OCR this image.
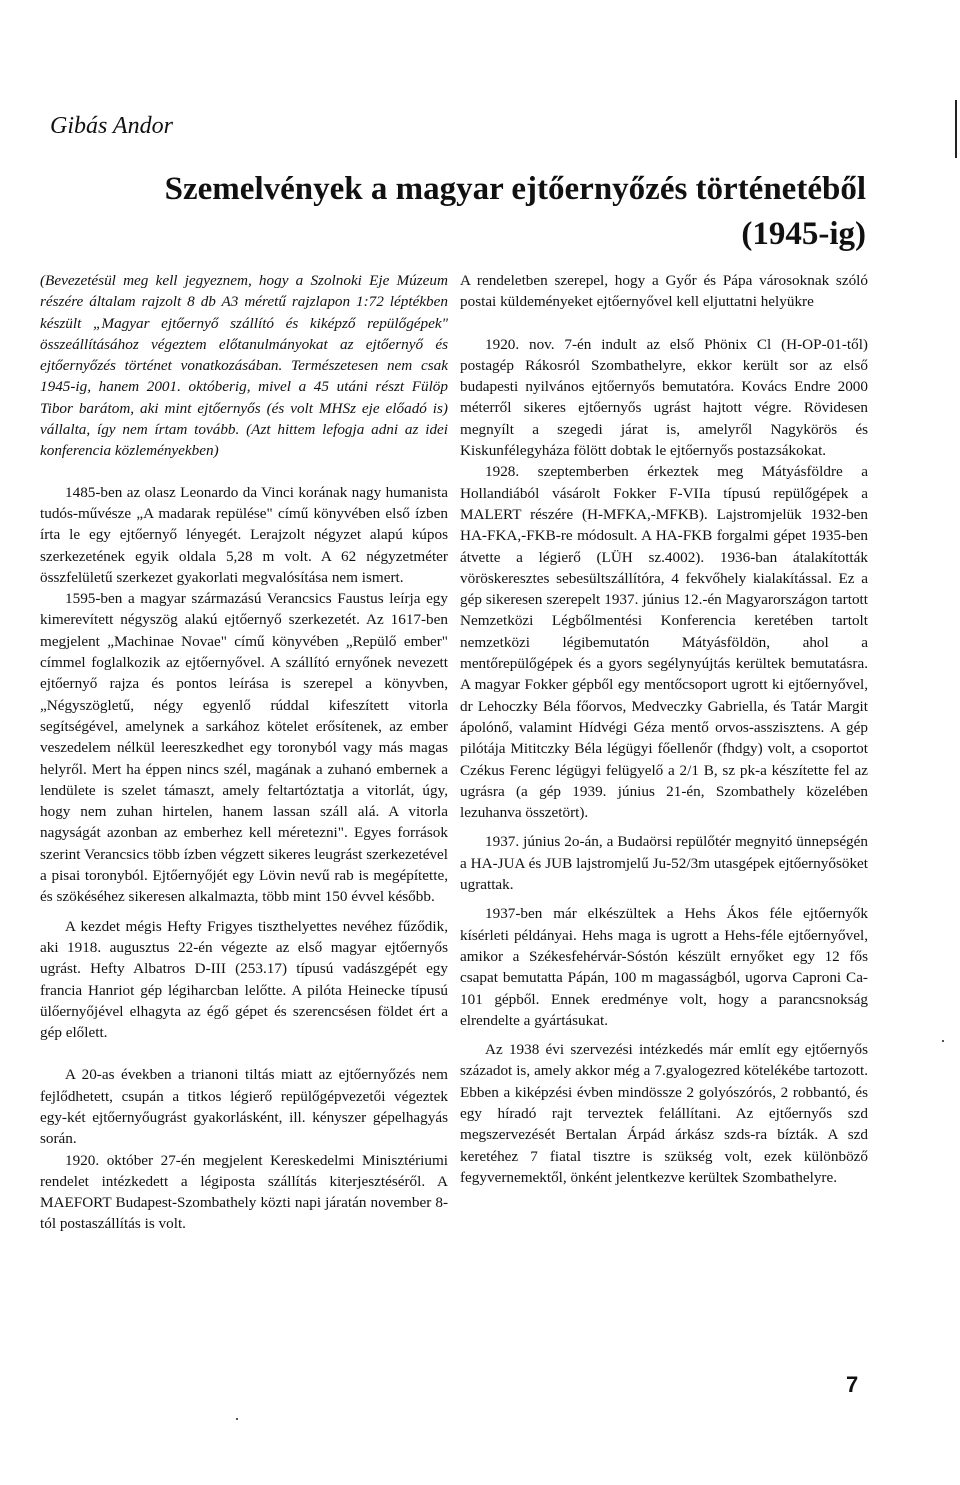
Gibás Andor
Szemelvények a magyar ejtőernyőzés történetéből
(1945-ig)

(Bevezetésül meg kell jegyeznem, hogy a Szolnoki Eje Múzeum részére általam rajzolt 8 db A3 méretű rajzlapon 1:72 léptékben készült „Magyar ejtőernyő szállító és kiképző repülőgépek" összeállításához végeztem előtanulmányokat az ejtőernyő és ejtőernyőzés történet vonatkozásában. Természetesen nem csak 1945-ig, hanem 2001. októberig, mivel a 45 utáni részt Fülöp Tibor barátom, aki mint ejtőernyős (és volt MHSz eje előadó is) vállalta, így nem írtam tovább. (Azt hittem lefogja adni az idei konferencia közleményekben)

1485-ben az olasz Leonardo da Vinci korának nagy humanista tudós-művésze „A madarak repülése" című könyvében első ízben írta le egy ejtőernyő lényegét. Lerajzolt négyzet alapú kúpos szerkezetének egyik oldala 5,28 m volt. A 62 négyzetméter összfelületű szerkezet gyakorlati megvalósítása nem ismert.

1595-ben a magyar származású Verancsics Faustus leírja egy kimerevített négyszög alakú ejtőernyő szerkezetét. Az 1617-ben megjelent „Machinae Novae" című könyvében „Repülő ember" címmel foglalkozik az ejtőernyővel. A szállító ernyőnek nevezett ejtőernyő rajza és pontos leírása is szerepel a könyvben, „Négyszögletű, négy egyenlő rúddal kifeszített vitorla segítségével, amelynek a sarkához kötelet erősítenek, az ember veszedelem nélkül leereszkedhet egy toronyból vagy más magas helyről. Mert ha éppen nincs szél, magának a zuhanó embernek a lendülete is szelet támaszt, amely feltartóztatja a vitorlát, úgy, hogy nem zuhan hirtelen, hanem lassan száll alá. A vitorla nagyságát azonban az emberhez kell méretezni". Egyes források szerint Verancsics több ízben végzett sikeres leugrást szerkezetével a pisai toronyból. Ejtőernyőjét egy Lövin nevű rab is megépítette, és szökéséhez sikeresen alkalmazta, több mint 150 évvel később.

A kezdet mégis Hefty Frigyes tiszthelyettes nevéhez fűződik, aki 1918. augusztus 22-én végezte az első magyar ejtőernyős ugrást. Hefty Albatros D-III (253.17) típusú vadászgépét egy francia Hanriot gép légiharcban lelőtte. A pilóta Heinecke típusú ülőernyőjével elhagyta az égő gépet és szerencsésen földet ért a gép előlett.

A 20-as években a trianoni tiltás miatt az ejtőernyőzés nem fejlődhetett, csupán a titkos légierő repülőgépvezetői végeztek egy-két ejtőernyőugrást gyakorlásként, ill. kényszer gépelhagyás során.

1920. október 27-én megjelent Kereskedelmi Minisztériumi rendelet intézkedett a légiposta szállítás kiterjesztéséről. A MAEFORT Budapest-Szombathely közti napi járatán november 8-tól postaszállítás is volt.

A rendeletben szerepel, hogy a Győr és Pápa városoknak szóló postai küldeményeket ejtőernyővel kell eljuttatni helyükre

1920. nov. 7-én indult az első Phönix Cl (H-OP-01-től) postagép Rákosról Szombathelyre, ekkor került sor az első budapesti nyilvános ejtőernyős bemutatóra. Kovács Endre 2000 méterről sikeres ejtőernyős ugrást hajtott végre. Rövidesen megnyílt a szegedi járat is, amelyről Nagykörös és Kiskunfélegyháza fölött dobtak le ejtőernyős postazsákokat.

1928. szeptemberben érkeztek meg Mátyásföldre a Hollandiából vásárolt Fokker F-VIIa típusú repülőgépek a MALERT részére (H-MFKA,-MFKB). Lajstromjelük 1932-ben HA-FKA,-FKB-re módosult. A HA-FKB forgalmi gépet 1935-ben átvette a légierő (LÜH sz.4002). 1936-ban átalakították vöröskeresztes sebesültszállítóra, 4 fekvőhely kialakítással. Ez a gép sikeresen szerepelt 1937. június 12.-én Magyarországon tartott Nemzetközi Légbőlmentési Konferencia keretében tartolt nemzetközi légibemutatón Mátyásföldön, ahol a mentőrepülőgépek és a gyors segélynyújtás kerültek bemutatásra. A magyar Fokker gépből egy mentőcsoport ugrott ki ejtőernyővel, dr Lehoczky Béla főorvos, Medveczky Gabriella, és Tatár Margit ápolónő, valamint Hídvégi Géza mentő orvos-asszisztens. A gép pilótája Mititczky Béla légügyi főellenőr (fhdgy) volt, a csoportot Czékus Ferenc légügyi felügyelő a 2/1 B, sz pk-a készítette fel az ugrásra (a gép 1939. június 21-én, Szombathely közelében lezuhanva összetört).

1937. június 2o-án, a Budaörsi repülőtér megnyitó ünnepségén a HA-JUA és JUB lajstromjelű Ju-52/3m utasgépek ejtőernyősöket ugrattak.

1937-ben már elkészültek a Hehs Ákos féle ejtőernyők kísérleti példányai. Hehs maga is ugrott a Hehs-féle ejtőernyővel, amikor a Székesfehérvár-Sóstón készült ernyőket egy 12 fős csapat bemutatta Pápán, 100 m magasságból, ugorva Caproni Ca-101 gépből. Ennek eredménye volt, hogy a parancsnokság elrendelte a gyártásukat.

Az 1938 évi szervezési intézkedés már említ egy ejtőernyős századot is, amely akkor még a 7.gyalogezred kötelékébe tartozott. Ebben a kiképzési évben mindössze 2 golyószórós, 2 robbantó, és egy híradó rajt terveztek felállítani. Az ejtőernyős szd megszervezését Bertalan Árpád árkász szds-ra bízták. A szd keretéhez 7 fiatal tisztre is szükség volt, ezek különböző fegyvernemektől, önként jelentkezve kerültek Szombathelyre.

7
